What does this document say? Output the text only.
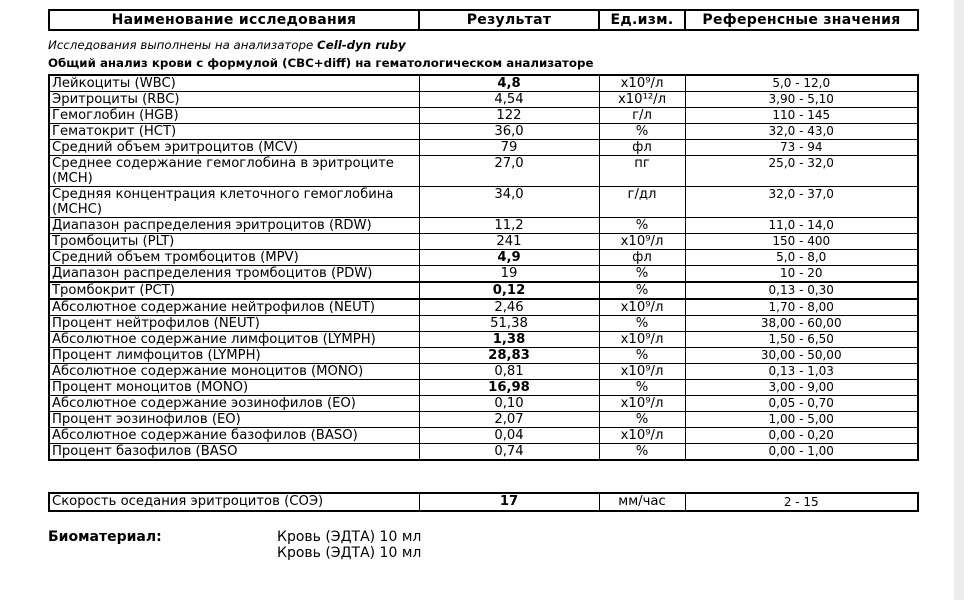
Наименование исследования	Результат	Ед.изм.	Референсные значения
Исследования выполнены на анализаторе Cell-dyn ruby
Общий анализ крови с формулой (CBC+diff) на гематологическом анализаторе
Лейкоциты (WBC)	4,8	x10⁹/л	5,0 - 12,0
Эритроциты (RBC)	4,54	x10¹²/л	3,90 - 5,10
Гемоглобин (HGB)	122	г/л	110 - 145
Гематокрит (HCT)	36,0	%	32,0 - 43,0
Средний объем эритроцитов (MCV)	79	фл	73 - 94
Среднее содержание гемоглобина в эритроците (MCH)	27,0	пг	25,0 - 32,0
Средняя концентрация клеточного гемоглобина (MCHC)	34,0	г/дл	32,0 - 37,0
Диапазон распределения эритроцитов (RDW)	11,2	%	11,0 - 14,0
Тромбоциты (PLT)	241	x10⁹/л	150 - 400
Средний объем тромбоцитов (MPV)	4,9	фл	5,0 - 8,0
Диапазон распределения тромбоцитов (PDW)	19	%	10 - 20
Тромбокрит (PCT)	0,12	%	0,13 - 0,30
Абсолютное содержание нейтрофилов (NEUT)	2,46	x10⁹/л	1,70 - 8,00
Процент нейтрофилов (NEUT)	51,38	%	38,00 - 60,00
Абсолютное содержание лимфоцитов (LYMPH)	1,38	x10⁹/л	1,50 - 6,50
Процент лимфоцитов (LYMPH)	28,83	%	30,00 - 50,00
Абсолютное содержание моноцитов (MONO)	0,81	x10⁹/л	0,13 - 1,03
Процент моноцитов (MONO)	16,98	%	3,00 - 9,00
Абсолютное содержание эозинофилов (EO)	0,10	x10⁹/л	0,05 - 0,70
Процент эозинофилов (EO)	2,07	%	1,00 - 5,00
Абсолютное содержание базофилов (BASO)	0,04	x10⁹/л	0,00 - 0,20
Процент базофилов (BASO	0,74	%	0,00 - 1,00
Скорость оседания эритроцитов (СОЭ)	17	мм/час	2 - 15
Биоматериал:	Кровь (ЭДТА) 10 мл
Кровь (ЭДТА) 10 мл
